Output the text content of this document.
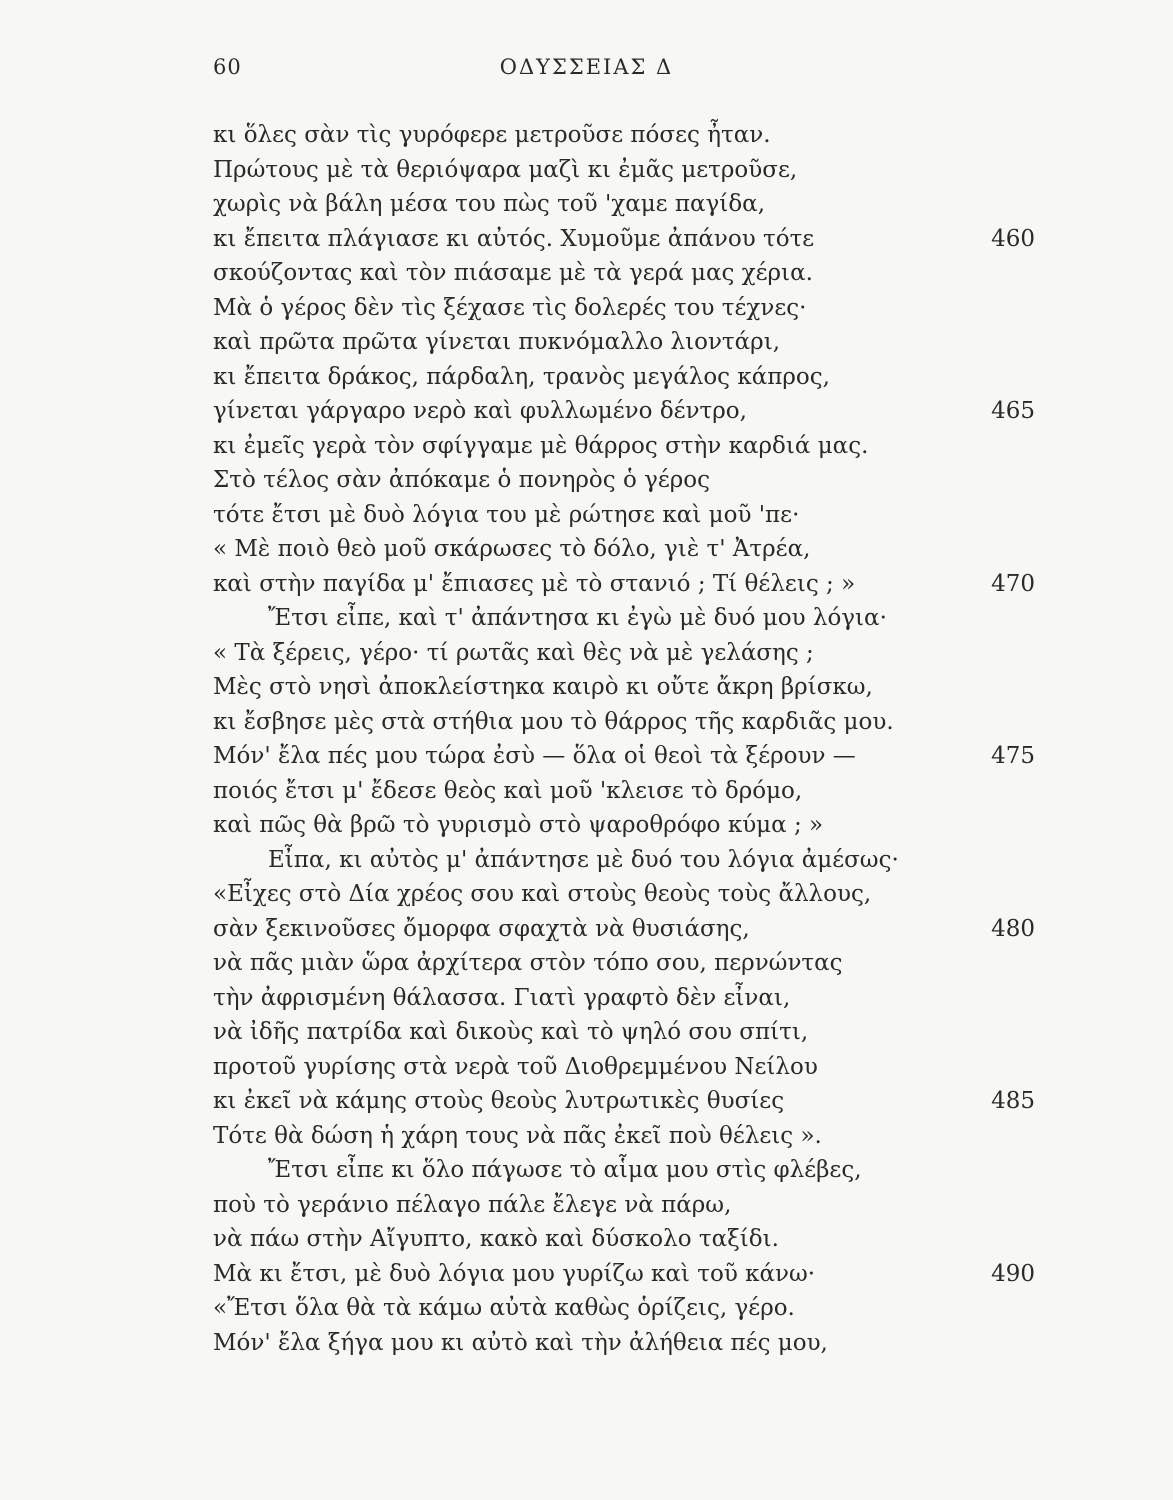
60	ΟΔΥΣΣΕΙΑΣ Δ
κι ὅλες σὰν τὶς γυρόφερε μετροῦσε πόσες ἦταν.
Πρώτους μὲ τὰ θεριόψαρα μαζὶ κι ἐμᾶς μετροῦσε,
χωρὶς νὰ βάλη μέσα του πὼς τοῦ 'χαμε παγίδα,
κι ἔπειτα πλάγιασε κι αὐτός. Χυμοῦμε ἀπάνου τότε	460
σκούζοντας καὶ τὸν πιάσαμε μὲ τὰ γερά μας χέρια.
Μὰ ὁ γέρος δὲν τὶς ξέχασε τὶς δολερές του τέχνες·
καὶ πρῶτα πρῶτα γίνεται πυκνόμαλλο λιοντάρι,
κι ἔπειτα δράκος, πάρδαλη, τρανὸς μεγάλος κάπρος,
γίνεται γάργαρο νερὸ καὶ φυλλωμένο δέντρο,	465
κι ἐμεῖς γερὰ τὸν σφίγγαμε μὲ θάρρος στὴν καρδιά μας.
Στὸ τέλος σὰν ἀπόκαμε ὁ πονηρὸς ὁ γέρος
τότε ἔτσι μὲ δυὸ λόγια του μὲ ρώτησε καὶ μοῦ 'πε·
« Μὲ ποιὸ θεὸ μοῦ σκάρωσες τὸ δόλο, γιὲ τ' Ἀτρέα,
καὶ στὴν παγίδα μ' ἔπιασες μὲ τὸ στανιό ; Τί θέλεις ; »	470
Ἔτσι εἶπε, καὶ τ' ἀπάντησα κι ἐγὼ μὲ δυό μου λόγια·
« Τὰ ξέρεις, γέρο· τί ρωτᾶς καὶ θὲς νὰ μὲ γελάσης ;
Μὲς στὸ νησὶ ἀποκλείστηκα καιρὸ κι οὔτε ἄκρη βρίσκω,
κι ἔσβησε μὲς στὰ στήθια μου τὸ θάρρος τῆς καρδιᾶς μου.
Μόν' ἔλα πές μου τώρα ἐσὺ — ὅλα οἱ θεοὶ τὰ ξέρουν —	475
ποιός ἔτσι μ' ἔδεσε θεὸς καὶ μοῦ 'κλεισε τὸ δρόμο,
καὶ πῶς θὰ βρῶ τὸ γυρισμὸ στὸ ψαροθρόφο κύμα ; »
Εἶπα, κι αὐτὸς μ' ἀπάντησε μὲ δυό του λόγια ἀμέσως·
«Εἶχες στὸ Δία χρέος σου καὶ στοὺς θεοὺς τοὺς ἄλλους,
σὰν ξεκινοῦσες ὄμορφα σφαχτὰ νὰ θυσιάσης,	480
νὰ πᾶς μιὰν ὥρα ἀρχίτερα στὸν τόπο σου, περνώντας
τὴν ἀφρισμένη θάλασσα. Γιατὶ γραφτὸ δὲν εἶναι,
νὰ ἰδῆς πατρίδα καὶ δικοὺς καὶ τὸ ψηλό σου σπίτι,
προτοῦ γυρίσης στὰ νερὰ τοῦ Διοθρεμμένου Νείλου
κι ἐκεῖ νὰ κάμης στοὺς θεοὺς λυτρωτικὲς θυσίες	485
Τότε θὰ δώση ἡ χάρη τους νὰ πᾶς ἐκεῖ ποὺ θέλεις ».
Ἔτσι εἶπε κι ὅλο πάγωσε τὸ αἷμα μου στὶς φλέβες,
ποὺ τὸ γεράνιο πέλαγο πάλε ἔλεγε νὰ πάρω,
νὰ πάω στὴν Αἴγυπτο, κακὸ καὶ δύσκολο ταξίδι.
Μὰ κι ἔτσι, μὲ δυὸ λόγια μου γυρίζω καὶ τοῦ κάνω·	490
«Ἔτσι ὅλα θὰ τὰ κάμω αὐτὰ καθὼς ὁρίζεις, γέρο.
Μόν' ἔλα ξήγα μου κι αὐτὸ καὶ τὴν ἀλήθεια πές μου,
